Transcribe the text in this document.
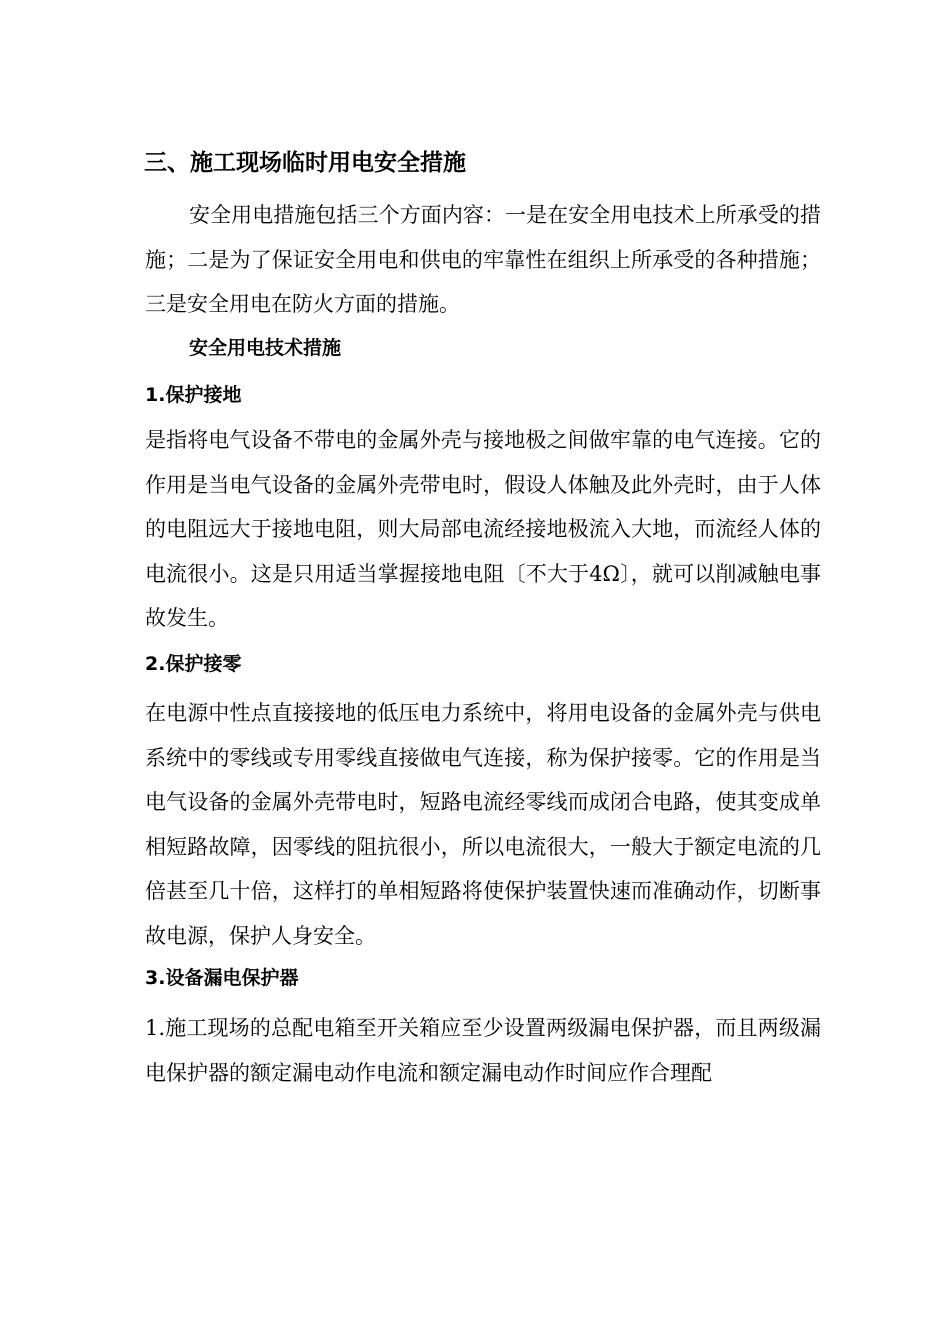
三、施工现场临时用电安全措施

安全用电措施包括三个方面内容：一是在安全用电技术上所承受的措施；二是为了保证安全用电和供电的牢靠性在组织上所承受的各种措施；三是安全用电在防火方面的措施。

安全用电技术措施
1.保护接地

是指将电气设备不带电的金属外壳与接地极之间做牢靠的电气连接。它的作用是当电气设备的金属外壳带电时，假设人体触及此外壳时，由于人体的电阻远大于接地电阻，则大局部电流经接地极流入大地，而流经人体的电流很小。这是只用适当掌握接地电阻〔不大于4Ω〕，就可以削减触电事故发生。

2.保护接零

在电源中性点直接接地的低压电力系统中，将用电设备的金属外壳与供电系统中的零线或专用零线直接做电气连接，称为保护接零。它的作用是当电气设备的金属外壳带电时，短路电流经零线而成闭合电路，使其变成单相短路故障，因零线的阻抗很小，所以电流很大，一般大于额定电流的几倍甚至几十倍，这样打的单相短路将使保护装置快速而准确动作，切断事故电源，保护人身安全。

3.设备漏电保护器

1.施工现场的总配电箱至开关箱应至少设置两级漏电保护器，而且两级漏电保护器的额定漏电动作电流和额定漏电动作时间应作合理配
